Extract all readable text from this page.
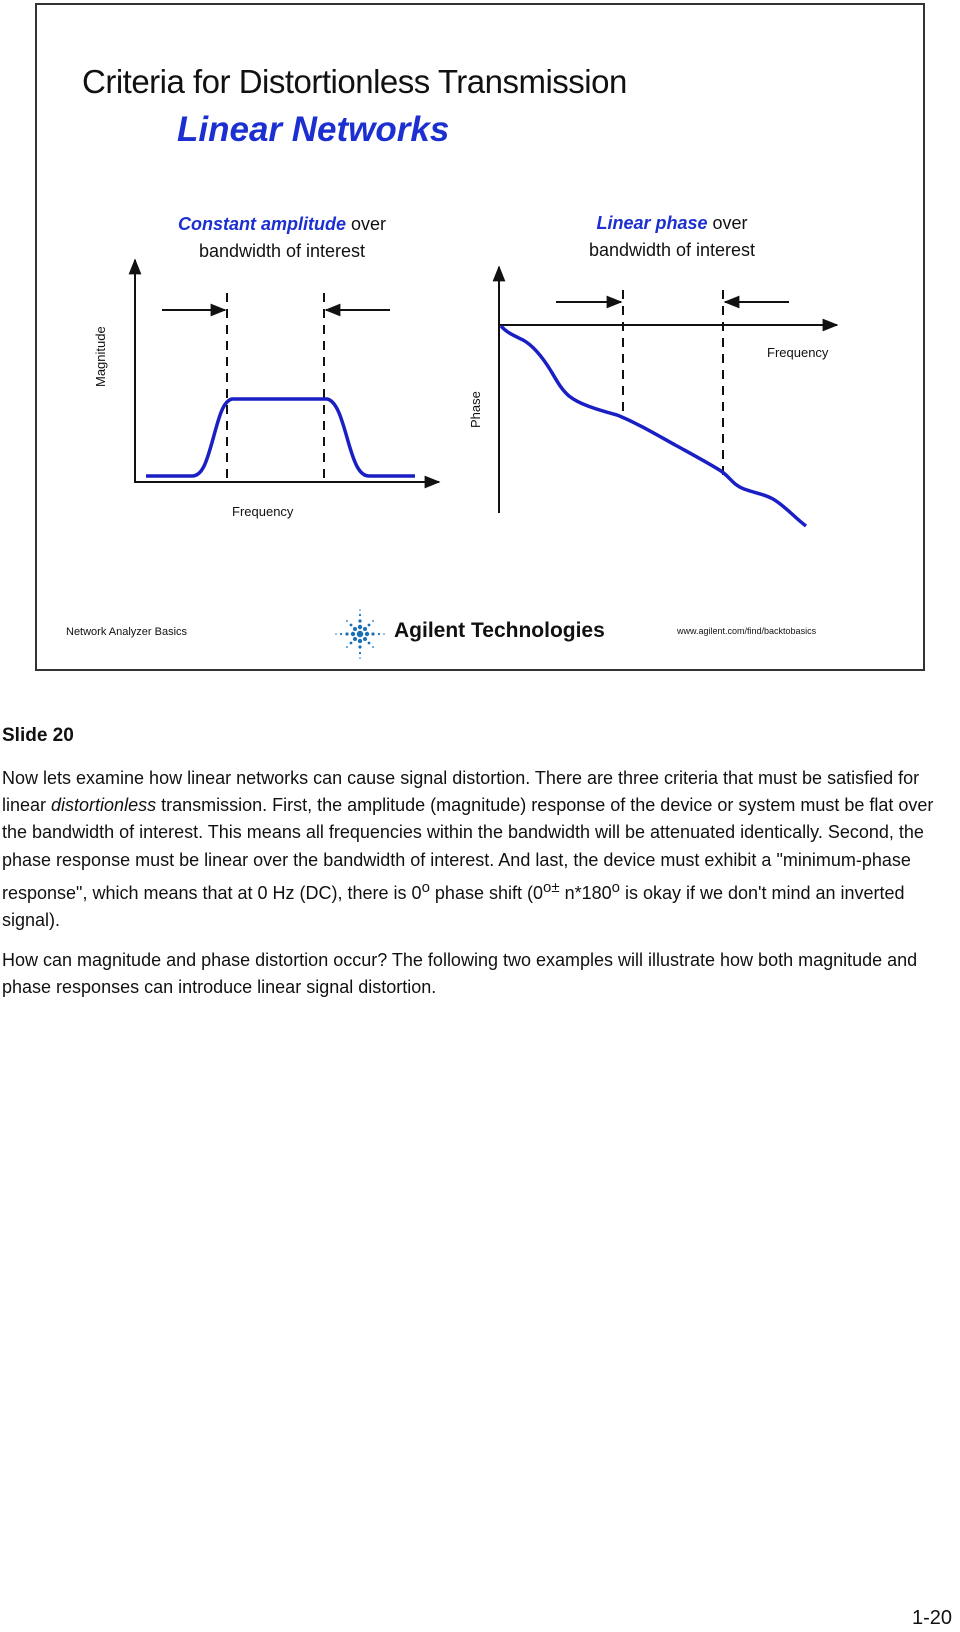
Criteria for Distortionless Transmission
Linear Networks
Constant amplitude over
bandwidth of interest
Linear phase over
bandwidth of interest
Magnitude
Frequency
Phase
Frequency
Network Analyzer Basics	Agilent Technologies	www.agilent.com/find/backtobasics
Slide 20

Now lets examine how linear networks can cause signal distortion. There are three criteria that must be satisfied for linear distortionless transmission. First, the amplitude (magnitude) response of the device or system must be flat over the bandwidth of interest. This means all frequencies within the bandwidth will be attenuated identically. Second, the phase response must be linear over the bandwidth of interest. And last, the device must exhibit a "minimum-phase response", which means that at 0 Hz (DC), there is 0$^o$ phase shift ($0^{o\pm}$ n*180$^o$ is okay if we don't mind an inverted signal).

How can magnitude and phase distortion occur? The following two examples will illustrate how both magnitude and phase responses can introduce linear signal distortion.

1-20
